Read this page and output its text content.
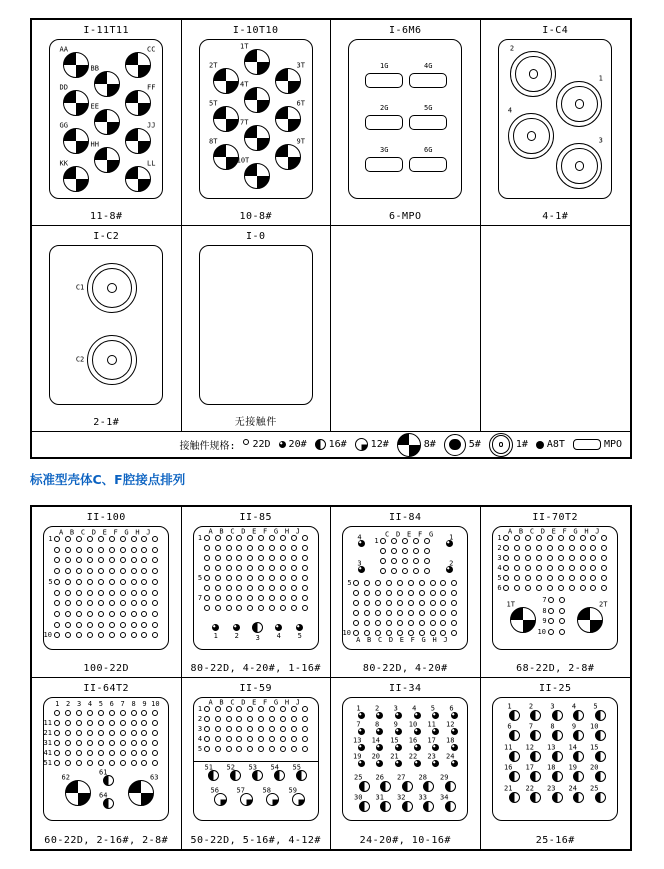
I-11T11
AA	CC
BB
DD	FF
EE
GG	JJ
HH
KK	LL
11-8#
I-10T10
1T
2T	3T
4T
5T	6T
7T
8T	9T
10T
10-8#
I-6M6
1G	4G
2G	5G
3G	6G
6-MPO
I-C4
2
1
4
3
4-1#
I-C2
C1
C2
2-1#
I-0
无接触件
接触件规格: 22D 20# 16# 12#	8#	5#	1# A8T	MPO
标准型壳体C、F腔接点排列
II-100
A B C D E F G H J
1
5
10
100-22D
II-85
A B C D E F G H J
1
5
7
1 2 3 4 5
80-22D, 4-20#, 1-16#
II-84
4	1
3	2
C D E F G
1
5
A B C D E F G H J
10
80-22D, 4-20#
II-70T2
A B C D E F G H J
1
2
3
4
5
6
7
8
9
10
1T	2T
68-22D, 2-8#
II-64T2
1 2 3 4 5 6 7 8 9 10
11
21
31
41
51
61
62	63
64
60-22D, 2-16#, 2-8#
II-59
A B C D E F G H J
1
2
3
4
5
51 52 53 54 55
56	57	58	59
50-22D, 5-16#, 4-12#
II-34
1 2 3 4 5 6
7 8 9 10 11 12
13 14 15 16 17 18
19 20 21 22 23 24
25 26 27 28 29
30 31 32 33 34
24-20#, 10-16#
II-25
1 2 3 4 5
6 7 8 9 10
11 12 13 14 15
16 17 18 19 20
21 22 23 24 25
25-16#
